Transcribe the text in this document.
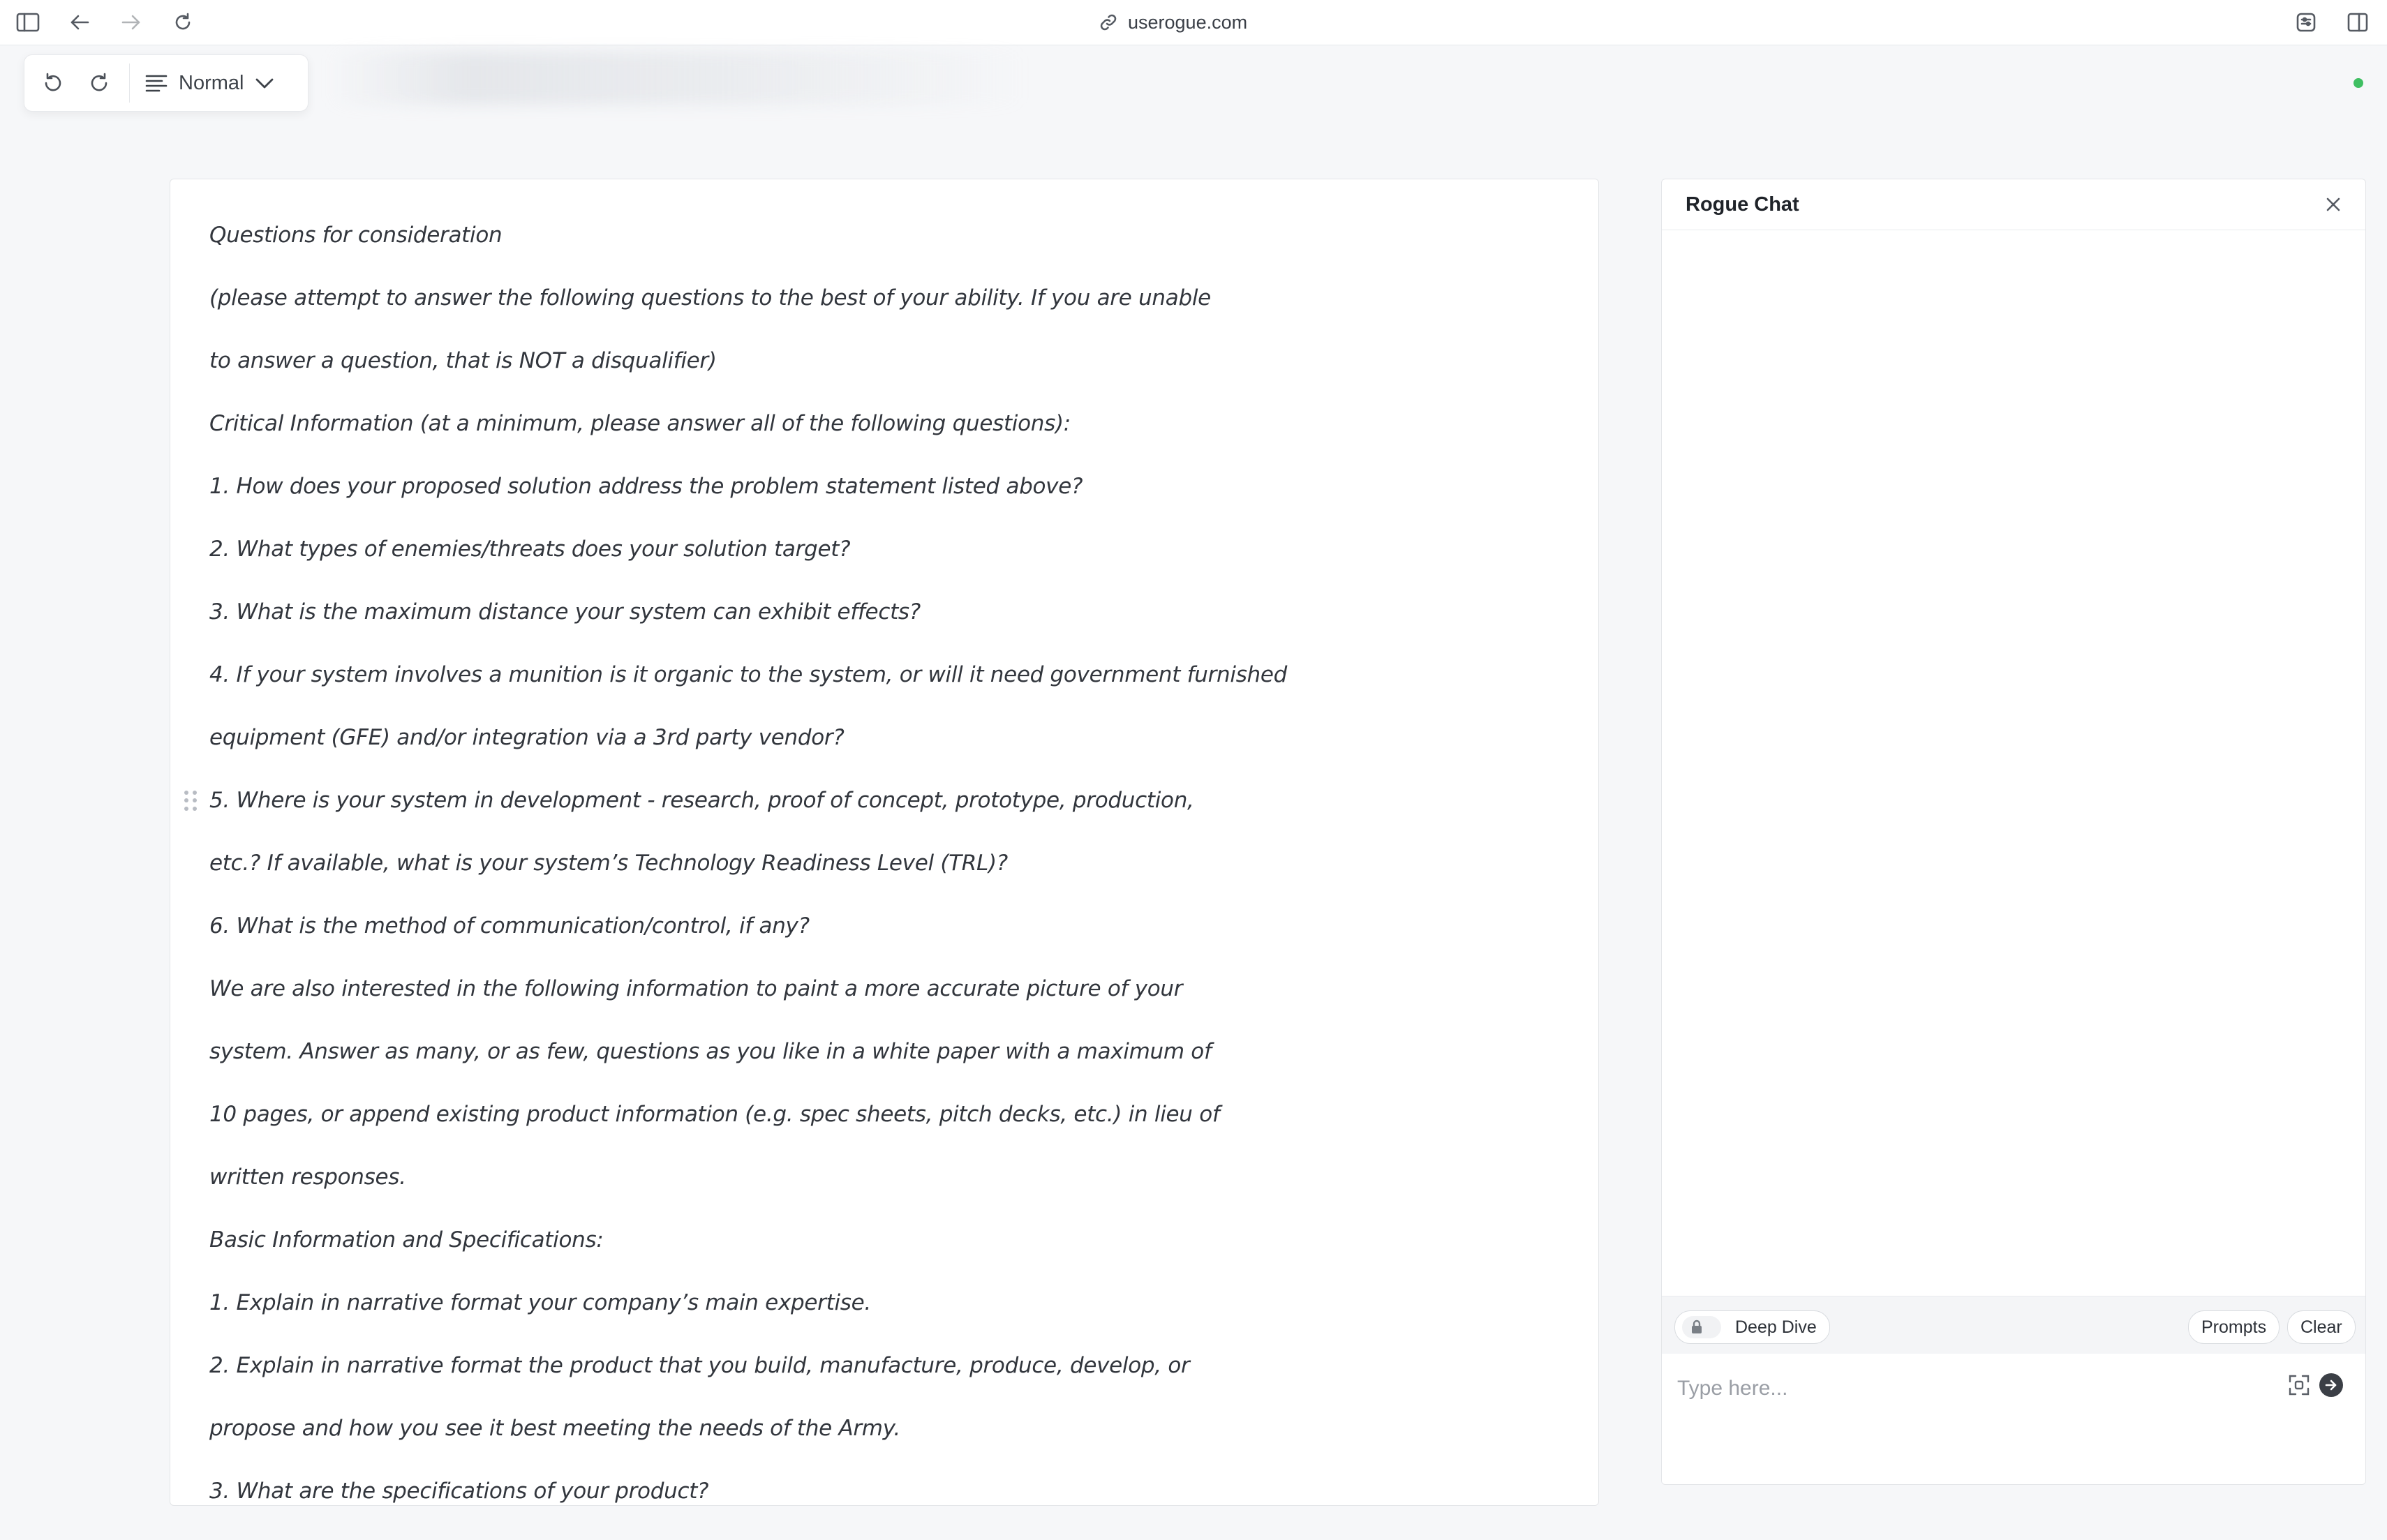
userogue.com
Normal
Questions for consideration
(please attempt to answer the following questions to the best of your ability. If you are unable
to answer a question, that is NOT a disqualifier)
Critical Information (at a minimum, please answer all of the following questions):
1. How does your proposed solution address the problem statement listed above?
2. What types of enemies/threats does your solution target?
3. What is the maximum distance your system can exhibit effects?
4. If your system involves a munition is it organic to the system, or will it need government furnished
equipment (GFE) and/or integration via a 3rd party vendor?
5. Where is your system in development - research, proof of concept, prototype, production,
etc.? If available, what is your system’s Technology Readiness Level (TRL)?
6. What is the method of communication/control, if any?
We are also interested in the following information to paint a more accurate picture of your
system. Answer as many, or as few, questions as you like in a white paper with a maximum of
10 pages, or append existing product information (e.g. spec sheets, pitch decks, etc.) in lieu of
written responses.
Basic Information and Specifications:
1. Explain in narrative format your company’s main expertise.
2. Explain in narrative format the product that you build, manufacture, produce, develop, or
propose and how you see it best meeting the needs of the Army.
3. What are the specifications of your product?
Rogue Chat
Deep Dive	Prompts	Clear
Type here...
